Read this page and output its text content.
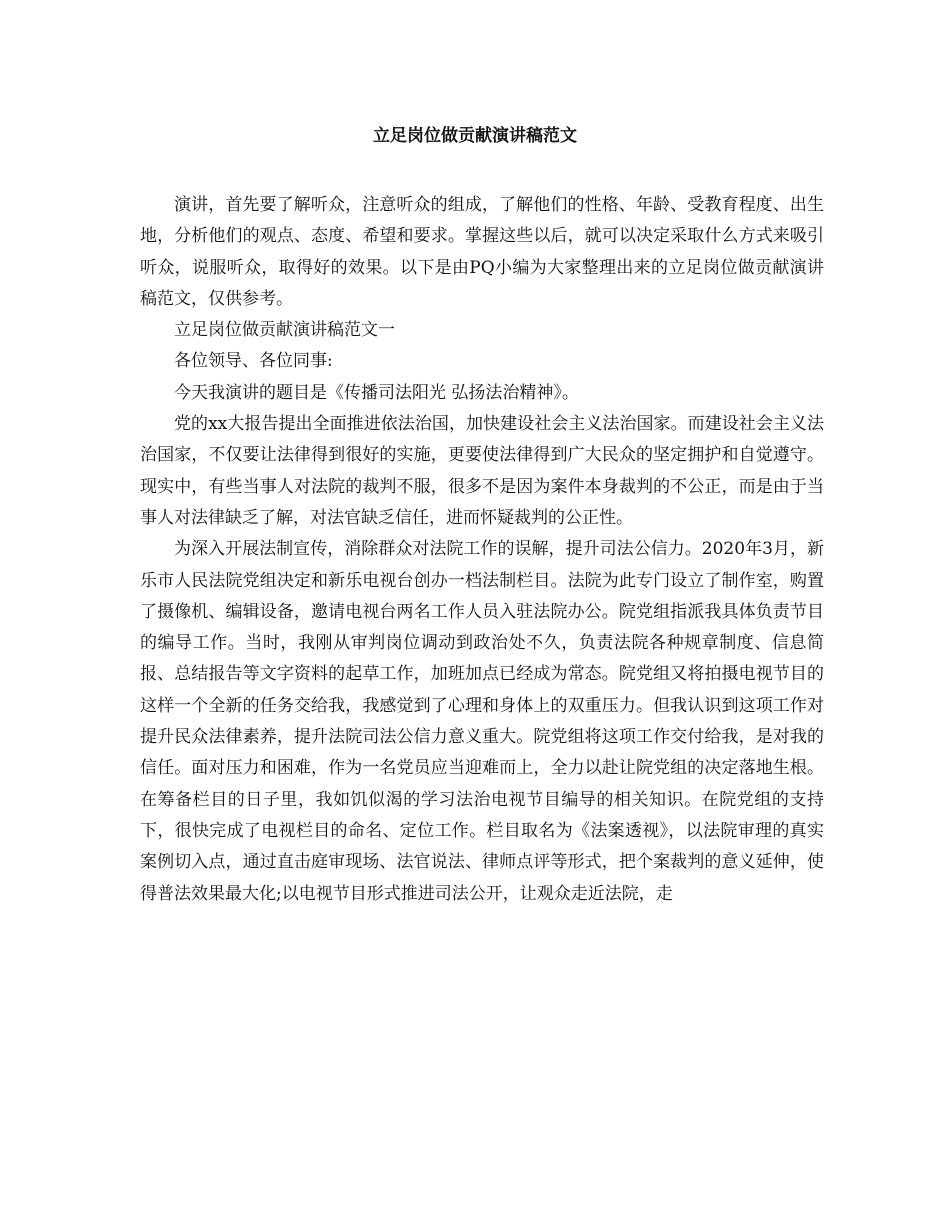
立足岗位做贡献演讲稿范文

演讲，首先要了解听众，注意听众的组成，了解他们的性格、年龄、受教育程度、出生地，分析他们的观点、态度、希望和要求。掌握这些以后，就可以决定采取什么方式来吸引听众，说服听众，取得好的效果。以下是由PQ小编为大家整理出来的立足岗位做贡献演讲稿范文，仅供参考。

立足岗位做贡献演讲稿范文一

各位领导、各位同事:

今天我演讲的题目是《传播司法阳光 弘扬法治精神》。

党的xx大报告提出全面推进依法治国，加快建设社会主义法治国家。而建设社会主义法治国家，不仅要让法律得到很好的实施，更要使法律得到广大民众的坚定拥护和自觉遵守。现实中，有些当事人对法院的裁判不服，很多不是因为案件本身裁判的不公正，而是由于当事人对法律缺乏了解，对法官缺乏信任，进而怀疑裁判的公正性。

为深入开展法制宣传，消除群众对法院工作的误解，提升司法公信力。2020年3月，新乐市人民法院党组决定和新乐电视台创办一档法制栏目。法院为此专门设立了制作室，购置了摄像机、编辑设备，邀请电视台两名工作人员入驻法院办公。院党组指派我具体负责节目的编导工作。当时，我刚从审判岗位调动到政治处不久，负责法院各种规章制度、信息简报、总结报告等文字资料的起草工作，加班加点已经成为常态。院党组又将拍摄电视节目的这样一个全新的任务交给我，我感觉到了心理和身体上的双重压力。但我认识到这项工作对提升民众法律素养，提升法院司法公信力意义重大。院党组将这项工作交付给我，是对我的信任。面对压力和困难，作为一名党员应当迎难而上，全力以赴让院党组的决定落地生根。在筹备栏目的日子里，我如饥似渴的学习法治电视节目编导的相关知识。在院党组的支持下，很快完成了电视栏目的命名、定位工作。栏目取名为《法案透视》，以法院审理的真实案例切入点，通过直击庭审现场、法官说法、律师点评等形式，把个案裁判的意义延伸，使得普法效果最大化;以电视节目形式推进司法公开，让观众走近法院，走
